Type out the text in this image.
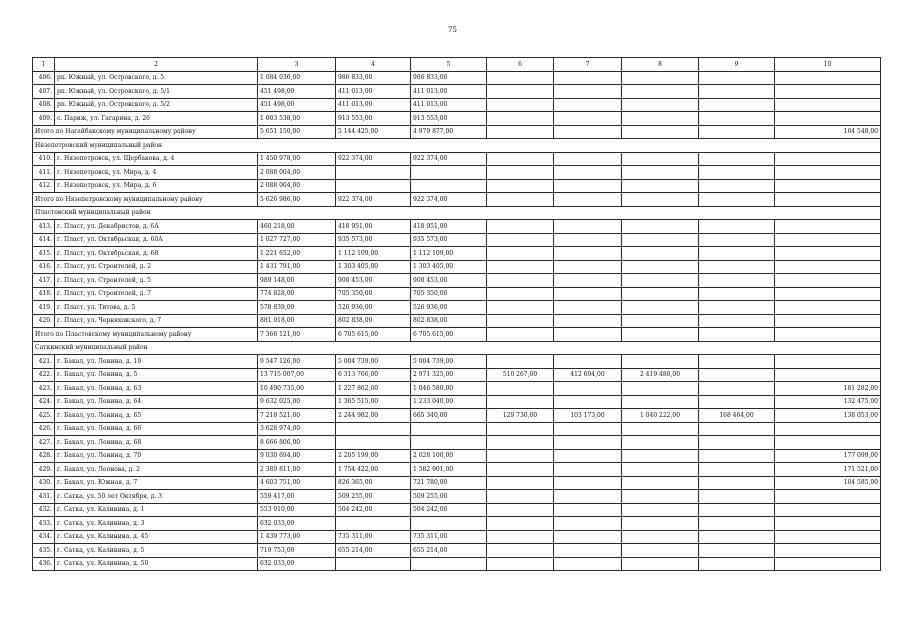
75
1	2	3	4	5	6	7	8	9	10
406.	рп. Южный, ул. Островского, д. 5	1 084 036,00	986 833,00	986 833,00					
407.	рп. Южный, ул. Островского, д. 5/1	451 498,00	411 013,00	411 013,00					
408.	рп. Южный, ул. Островского, д. 5/2	451 498,00	411 013,00	411 013,00					
409.	с. Париж, ул. Гагарина, д. 26	1 003 538,00	913 553,00	913 553,00					
Итого по Нагайбакскому муниципальному району		5 651 150,00	5 144 425,00	4 979 877,00					164 548,00
Нязепетровский муниципальный район									
410.	г. Нязепетровск, ул. Щербакова, д. 4	1 450 978,00	922 374,00	922 374,00					
411.	г. Нязепетровск, ул. Мира, д. 4	2 088 004,00							
412.	г. Нязепетровск, ул. Мира, д. 6	2 088 004,00							
Итого по Нязепетровскому муниципальному району		5 626 986,00	922 374,00	922 374,00					
Пластовский муниципальный район									
413.	г. Пласт, ул. Декабристов, д. 6А	460 218,00	418 951,00	418 951,00					
414.	г. Пласт, ул. Октябрьская, д. 60А	1 027 727,00	935 573,00	935 573,00					
415.	г. Пласт, ул. Октябрьская, д. 68	1 221 652,00	1 112 109,00	1 112 109,00					
416.	г. Пласт, ул. Строителей, д. 2	1 431 791,00	1 303 405,00	1 303 405,00					
417.	г. Пласт, ул. Строителей, д. 5	989 148,00	900 453,00	900 453,00					
418.	г. Пласт, ул. Строителей, д. 7	774 828,00	705 350,00	705 350,00					
419.	г. Пласт, ул. Титова, д. 5	578 839,00	526 936,00	526 936,00					
420.	г. Пласт, ул. Черняховского, д. 7	881 918,00	802 838,00	802 838,00					
Итого по Пластовскому муниципальному району		7 366 121,00	6 705 615,00	6 705 615,00					
Саткинский муниципальный район									
421.	г. Бакал, ул. Ленина, д. 19	9 547 126,00	5 004 739,00	5 004 739,00					
422.	г. Бакал, ул. Ленина, д. 5	13 715 007,00	6 313 766,00	2 971 325,00	510 267,00	412 694,00	2 419 480,00		
423.	г. Бакал, ул. Ленина, д. 63	10 490 735,00	1 227 862,00	1 046 580,00					181 282,00
424.	г. Бакал, ул. Ленина, д. 64	9 632 025,00	1 365 515,00	1 233 040,00					132 475,00
425.	г. Бакал, ул. Ленина, д. 65	7 218 521,00	2 244 982,00	665 340,00	129 730,00	103 173,00	1 040 222,00	168 464,00	138 053,00
426.	г. Бакал, ул. Ленина, д. 66	3 628 974,00							
427.	г. Бакал, ул. Ленина, д. 68	8 666 806,00							
428.	г. Бакал, ул. Ленина, д. 70	9 030 694,00	2 205 199,00	2 028 100,00					177 099,00
429.	г. Бакал, ул. Леонова, д. 2	2 389 811,00	1 754 422,00	1 582 901,00					171 521,00
430.	г. Бакал, ул. Южная, д. 7	4 603 751,00	826 365,00	721 780,00					104 585,00
431.	г. Сатка, ул. 50 лет Октября, д. 3	559 417,00	509 255,00	509 255,00					
432.	г. Сатка, ул. Калинина, д. 1	553 910,00	504 242,00	504 242,00					
433.	г. Сатка, ул. Калинина, д. 3	632 033,00							
434.	г. Сатка, ул. Калинина, д. 45	1 439 773,00	735 311,00	735 311,00					
435.	г. Сатка, ул. Калинина, д. 5	719 753,00	655 214,00	655 214,00					
436.	г. Сатка, ул. Калинина, д. 50	632 033,00							
